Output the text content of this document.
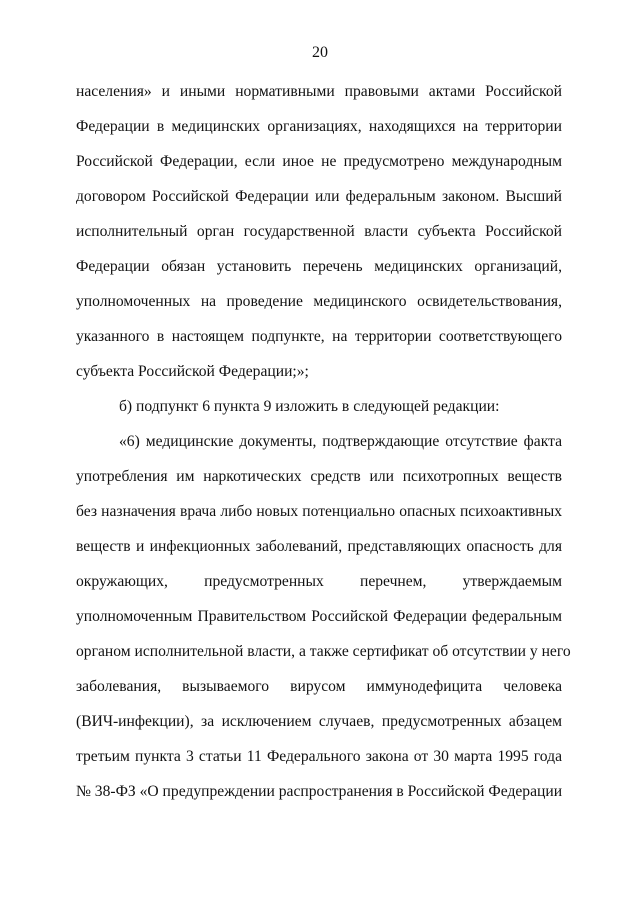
20
населения» и иными нормативными правовыми актами Российской
Федерации в медицинских организациях, находящихся на территории
Российской Федерации, если иное не предусмотрено международным
договором Российской Федерации или федеральным законом. Высший
исполнительный орган государственной власти субъекта Российской
Федерации обязан установить перечень медицинских организаций,
уполномоченных на проведение медицинского освидетельствования,
указанного в настоящем подпункте, на территории соответствующего
субъекта Российской Федерации;»;
б) подпункт 6 пункта 9 изложить в следующей редакции:
«6) медицинские документы, подтверждающие отсутствие факта
употребления им наркотических средств или психотропных веществ
без назначения врача либо новых потенциально опасных психоактивных
веществ и инфекционных заболеваний, представляющих опасность для
окружающих, предусмотренных перечнем, утверждаемым
уполномоченным Правительством Российской Федерации федеральным
органом исполнительной власти, а также сертификат об отсутствии у него
заболевания, вызываемого вирусом иммунодефицита человека
(ВИЧ-инфекции), за исключением случаев, предусмотренных абзацем
третьим пункта 3 статьи 11 Федерального закона от 30 марта 1995 года
№ 38-ФЗ «О предупреждении распространения в Российской Федерации
